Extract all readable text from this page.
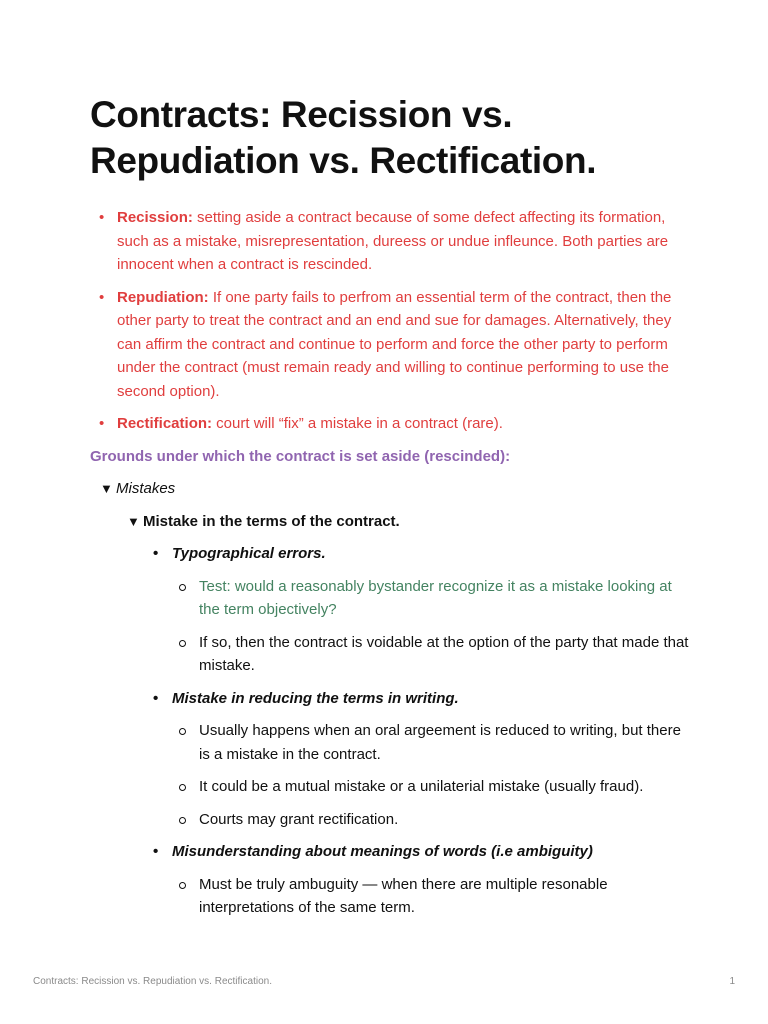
Contracts: Recission vs. Repudiation vs. Rectification.
• Recission: setting aside a contract because of some defect affecting its formation, such as a mistake, misrepresentation, dureess or undue infleunce. Both parties are innocent when a contract is rescinded.
• Repudiation: If one party fails to perfrom an essential term of the contract, then the other party to treat the contract and an end and sue for damages. Alternatively, they can affirm the contract and continue to perform and force the other party to perform under the contract (must remain ready and willing to continue performing to use the second option).
• Rectification: court will “fix” a mistake in a contract (rare).
Grounds under which the contract is set aside (rescinded):
▼ Mistakes
▼ Mistake in the terms of the contract.
• Typographical errors.
Test: would a reasonably bystander recognize it as a mistake looking at the term objectively?
If so, then the contract is voidable at the option of the party that made that mistake.
• Mistake in reducing the terms in writing.
Usually happens when an oral argeement is reduced to writing, but there is a mistake in the contract.
It could be a mutual mistake or a unilaterial mistake (usually fraud).
Courts may grant rectification.
• Misunderstanding about meanings of words (i.e ambiguity)
Must be truly ambuguity — when there are multiple resonable interpretations of the same term.
Contracts: Recission vs. Repudiation vs. Rectification.	1
